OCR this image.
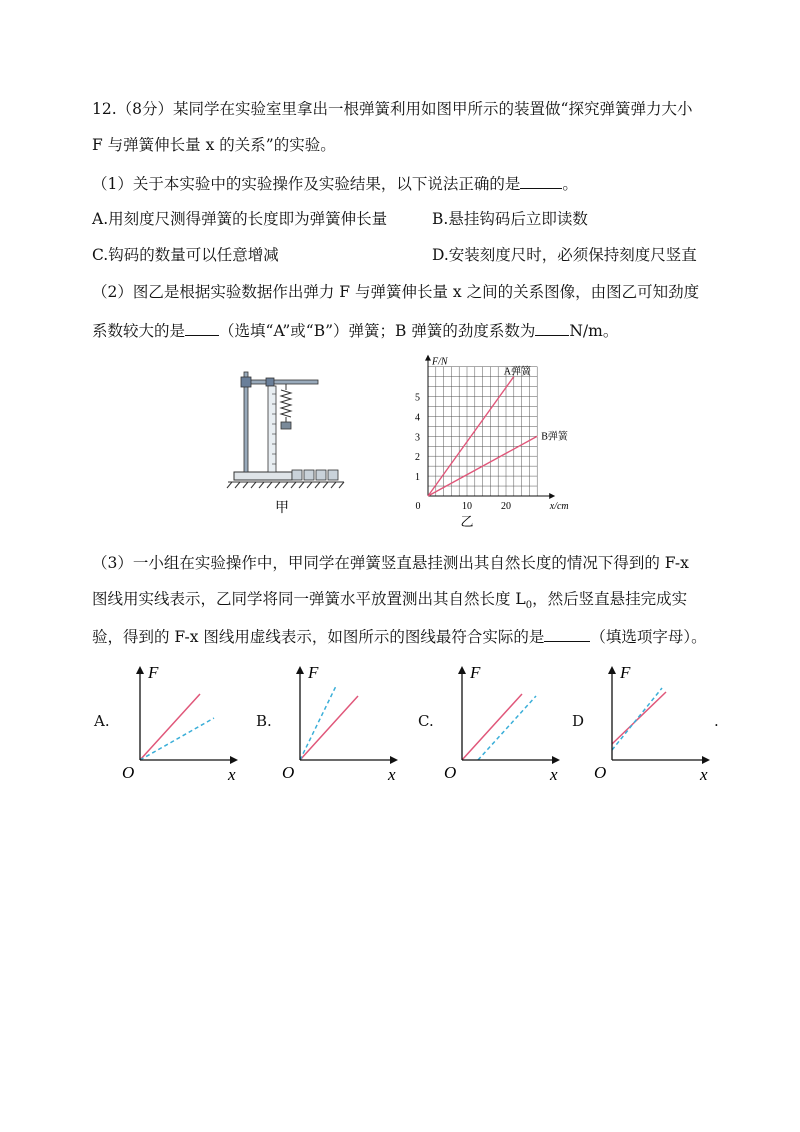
12.（8分）某同学在实验室里拿出一根弹簧利用如图甲所示的装置做“探究弹簧弹力大小
F 与弹簧伸长量 x 的关系”的实验。
（1）关于本实验中的实验操作及实验结果，以下说法正确的是	。
A.用刻度尺测得弹簧的长度即为弹簧伸长量	B.悬挂钩码后立即读数
C.钩码的数量可以任意增减	D.安装刻度尺时，必须保持刻度尺竖直
（2）图乙是根据实验数据作出弹力 F 与弹簧伸长量 x 之间的关系图像，由图乙可知劲度
系数较大的是 （选填“A”或“B”）弹簧；B 弹簧的劲度系数为 N/m。
甲
1
2
3
4
5
10	20
0
F/N
x/cm
A弹簧
B弹簧
乙
（3）一小组在实验操作中，甲同学在弹簧竖直悬挂测出其自然长度的情况下得到的 F-x
图线用实线表示，乙同学将同一弹簧水平放置测出其自然长度 $L_0$，然后竖直悬挂完成实
验，得到的 F-x 图线用虚线表示，如图所示的图线最符合实际的是	（填选项字母）。
A.	B.	C.	D	.
F
x
O
F
x
O
F
x
O
F
x
O
